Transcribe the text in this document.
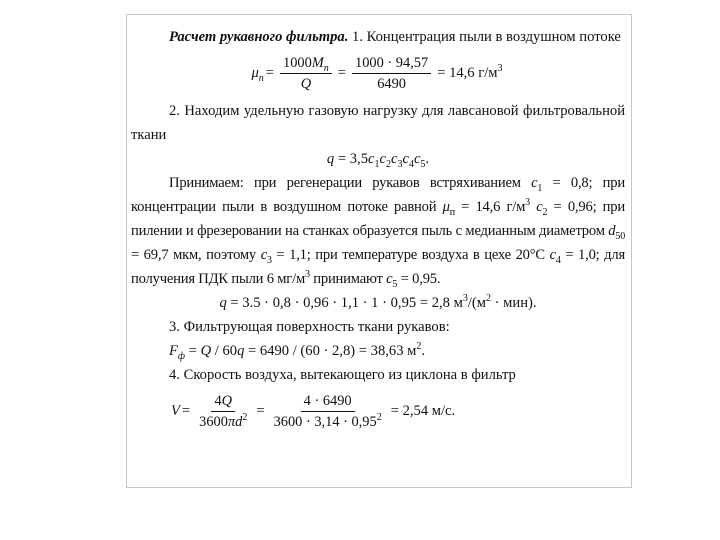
Расчет рукавного фильтра. 1. Концентрация пыли в воздушном потоке

$\mu_п = \frac{1000М_п}{Q} = \frac{1000 \cdot 94,57}{6490} = 14,6$ $г/м^3$

2. Находим удельную газовую нагрузку для лавсановой фильтровальной ткани

$q = 3,5c_1c_2c_3c_4c_5$.

Принимаем: при регенерации рукавов встряхиванием $c_1 = 0,8$; при концентрации пыли в воздушном потоке равной $\mu_п = 14,6$ $г/м^3$ $c_2 = 0,96$; при пилении и фрезеровании на станках образуется пыль с медианным диаметром $d_{50} = 69,7$ мкм, поэтому $c_3 = 1,1$; при температуре воздуха в цехе 20°C $c_4 = 1,0$; для получения ПДК пыли 6 $мг/м^3$ принимают $c_5 = 0,95$.

q = 3.5 · 0,8 · 0,96 · 1,1 · 1 · 0,95 = 2,8 $м^3/(м^2 \cdot мин)$.

3. Фильтрующая поверхность ткани рукавов:

$F_ф = Q / 60q = 6490 / (60 \cdot 2,8) = 38,63$ $м^2$.

4. Скорость воздуха, вытекающего из циклона в фильтр

$V = \frac{4Q}{3600\pi d^2} = \frac{4 \cdot 6490}{3600 \cdot 3,14 \cdot 0,95^2} = 2,54$ м/с.
